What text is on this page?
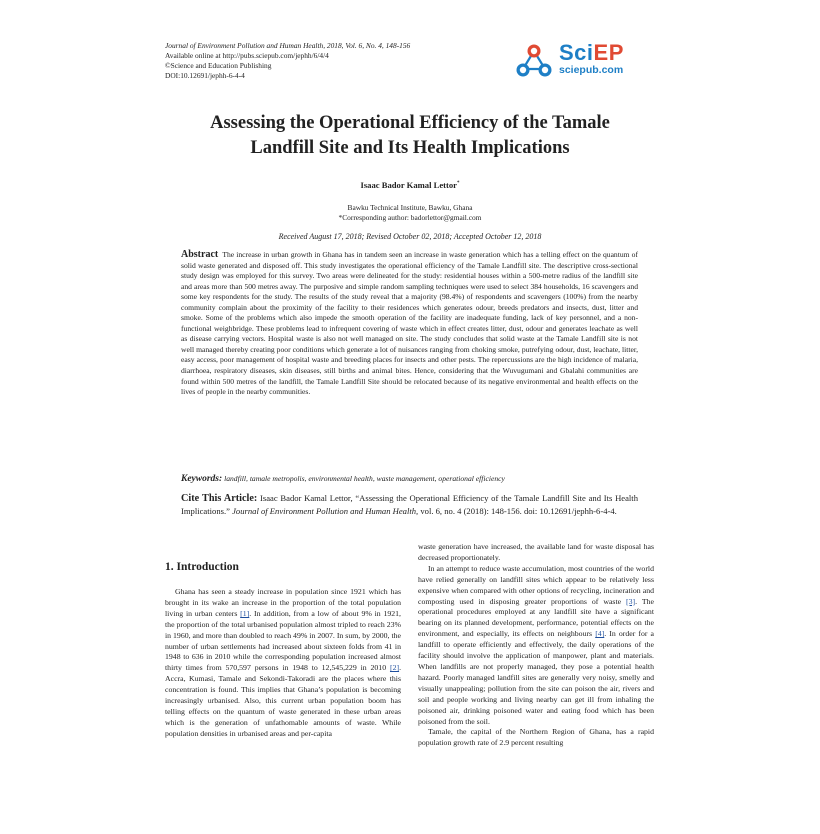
Journal of Environment Pollution and Human Health, 2018, Vol. 6, No. 4, 148-156
Available online at http://pubs.sciepub.com/jephh/6/4/4
©Science and Education Publishing
DOI:10.12691/jephh-6-4-4
SciEP
sciepub.com
Assessing the Operational Efficiency of the Tamale
Landfill Site and Its Health Implications
Isaac Bador Kamal Lettor*
Bawku Technical Institute, Bawku, Ghana
*Corresponding author: badorlettor@gmail.com
Received August 17, 2018; Revised October 02, 2018; Accepted October 12, 2018
Abstract The increase in urban growth in Ghana has in tandem seen an increase in waste generation which has a telling effect on the quantum of solid waste generated and disposed off. This study investigates the operational efficiency of the Tamale Landfill site. The descriptive cross-sectional study design was employed for this survey. Two areas were delineated for the study: residential houses within a 500-metre radius of the landfill site and areas more than 500 metres away. The purposive and simple random sampling techniques were used to select 384 households, 16 scavengers and some key respondents for the study. The results of the study reveal that a majority (98.4%) of respondents and scavengers (100%) from the nearby community complain about the proximity of the facility to their residences which generates odour, breeds predators and insects, dust, litter and smoke. Some of the problems which also impede the smooth operation of the facility are inadequate funding, lack of key personnel, and a non-functional weighbridge. These problems lead to infrequent covering of waste which in effect creates litter, dust, odour and generates leachate as well as disease carrying vectors. Hospital waste is also not well managed on site. The study concludes that solid waste at the Tamale Landfill site is not well managed thereby creating poor conditions which generate a lot of nuisances ranging from choking smoke, putrefying odour, dust, leachate, litter, easy access, poor management of hospital waste and breeding places for insects and other pests. The repercussions are the high incidence of malaria, diarrhoea, respiratory diseases, skin diseases, still births and animal bites. Hence, considering that the Wuvugumani and Gbalahi communities are found within 500 metres of the landfill, the Tamale Landfill Site should be relocated because of its negative environmental and health effects on the lives of people in the nearby communities.
Keywords: landfill, tamale metropolis, environmental health, waste management, operational efficiency
Cite This Article: Isaac Bador Kamal Lettor, “Assessing the Operational Efficiency of the Tamale Landfill Site and Its Health Implications.” Journal of Environment Pollution and Human Health, vol. 6, no. 4 (2018): 148-156. doi: 10.12691/jephh-6-4-4.
1. Introduction

Ghana has seen a steady increase in population since 1921 which has brought in its wake an increase in the proportion of the total population living in urban centers [1]. In addition, from a low of about 9% in 1921, the proportion of the total urbanised population almost tripled to reach 23% in 1960, and more than doubled to reach 49% in 2007. In sum, by 2000, the number of urban settlements had increased about sixteen folds from 41 in 1948 to 636 in 2010 while the corresponding population increased almost thirty times from 570,597 persons in 1948 to 12,545,229 in 2010 [2]. Accra, Kumasi, Tamale and Sekondi-Takoradi are the places where this concentration is found. This implies that Ghana’s population is becoming increasingly urbanised. Also, this current urban population boom has telling effects on the quantum of waste generated in these urban areas which is the generation of unfathomable amounts of waste. While population densities in urbanised areas and per-capita

waste generation have increased, the available land for waste disposal has decreased proportionately.

In an attempt to reduce waste accumulation, most countries of the world have relied generally on landfill sites which appear to be relatively less expensive when compared with other options of recycling, incineration and composting used in disposing greater proportions of waste [3]. The operational procedures employed at any landfill site have a significant bearing on its planned development, performance, potential effects on the environment, and especially, its effects on neighbours [4]. In order for a landfill to operate efficiently and effectively, the daily operations of the facility should involve the application of manpower, plant and materials. When landfills are not properly managed, they pose a potential health hazard. Poorly managed landfill sites are generally very noisy, smelly and visually unappealing; pollution from the site can poison the air, rivers and soil and people working and living nearby can get ill from inhaling the poisoned air, drinking poisoned water and eating food which has been poisoned from the soil.

Tamale, the capital of the Northern Region of Ghana, has a rapid population growth rate of 2.9 percent resulting
